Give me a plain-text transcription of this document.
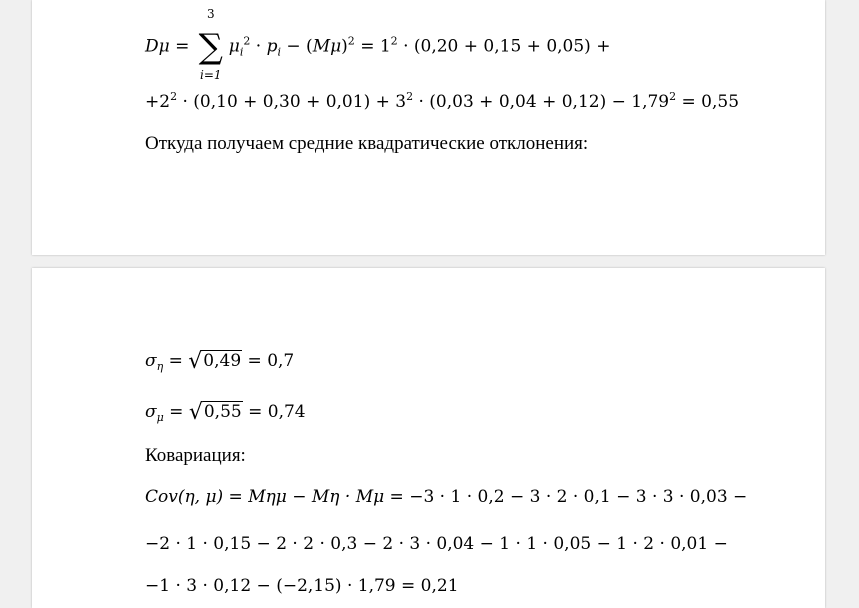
Dμ =
3
∑
i=1
$\mu_i^2 \cdot p_i - (M\mu)^2 = 1^2 \cdot (0,20 + 0,15 + 0,05)$ +
$+2^2 \cdot (0,10 + 0,30 + 0,01) + 3^2 \cdot (0,03 + 0,04 + 0,12) - 1,79^2 = 0,55$
Откуда получаем средние квадратические отклонения:
$\sigma_\eta = √0,49 = 0,7$
$\sigma_\mu = √0,55 = 0,74$
Ковариация:
Cov(η, μ) = Mημ − Mη · Mμ = −3 · 1 · 0,2 − 3 · 2 · 0,1 − 3 · 3 · 0,03 −
−2 · 1 · 0,15 − 2 · 2 · 0,3 − 2 · 3 · 0,04 − 1 · 1 · 0,05 − 1 · 2 · 0,01 −
−1 · 3 · 0,12 − (−2,15) · 1,79 = 0,21
